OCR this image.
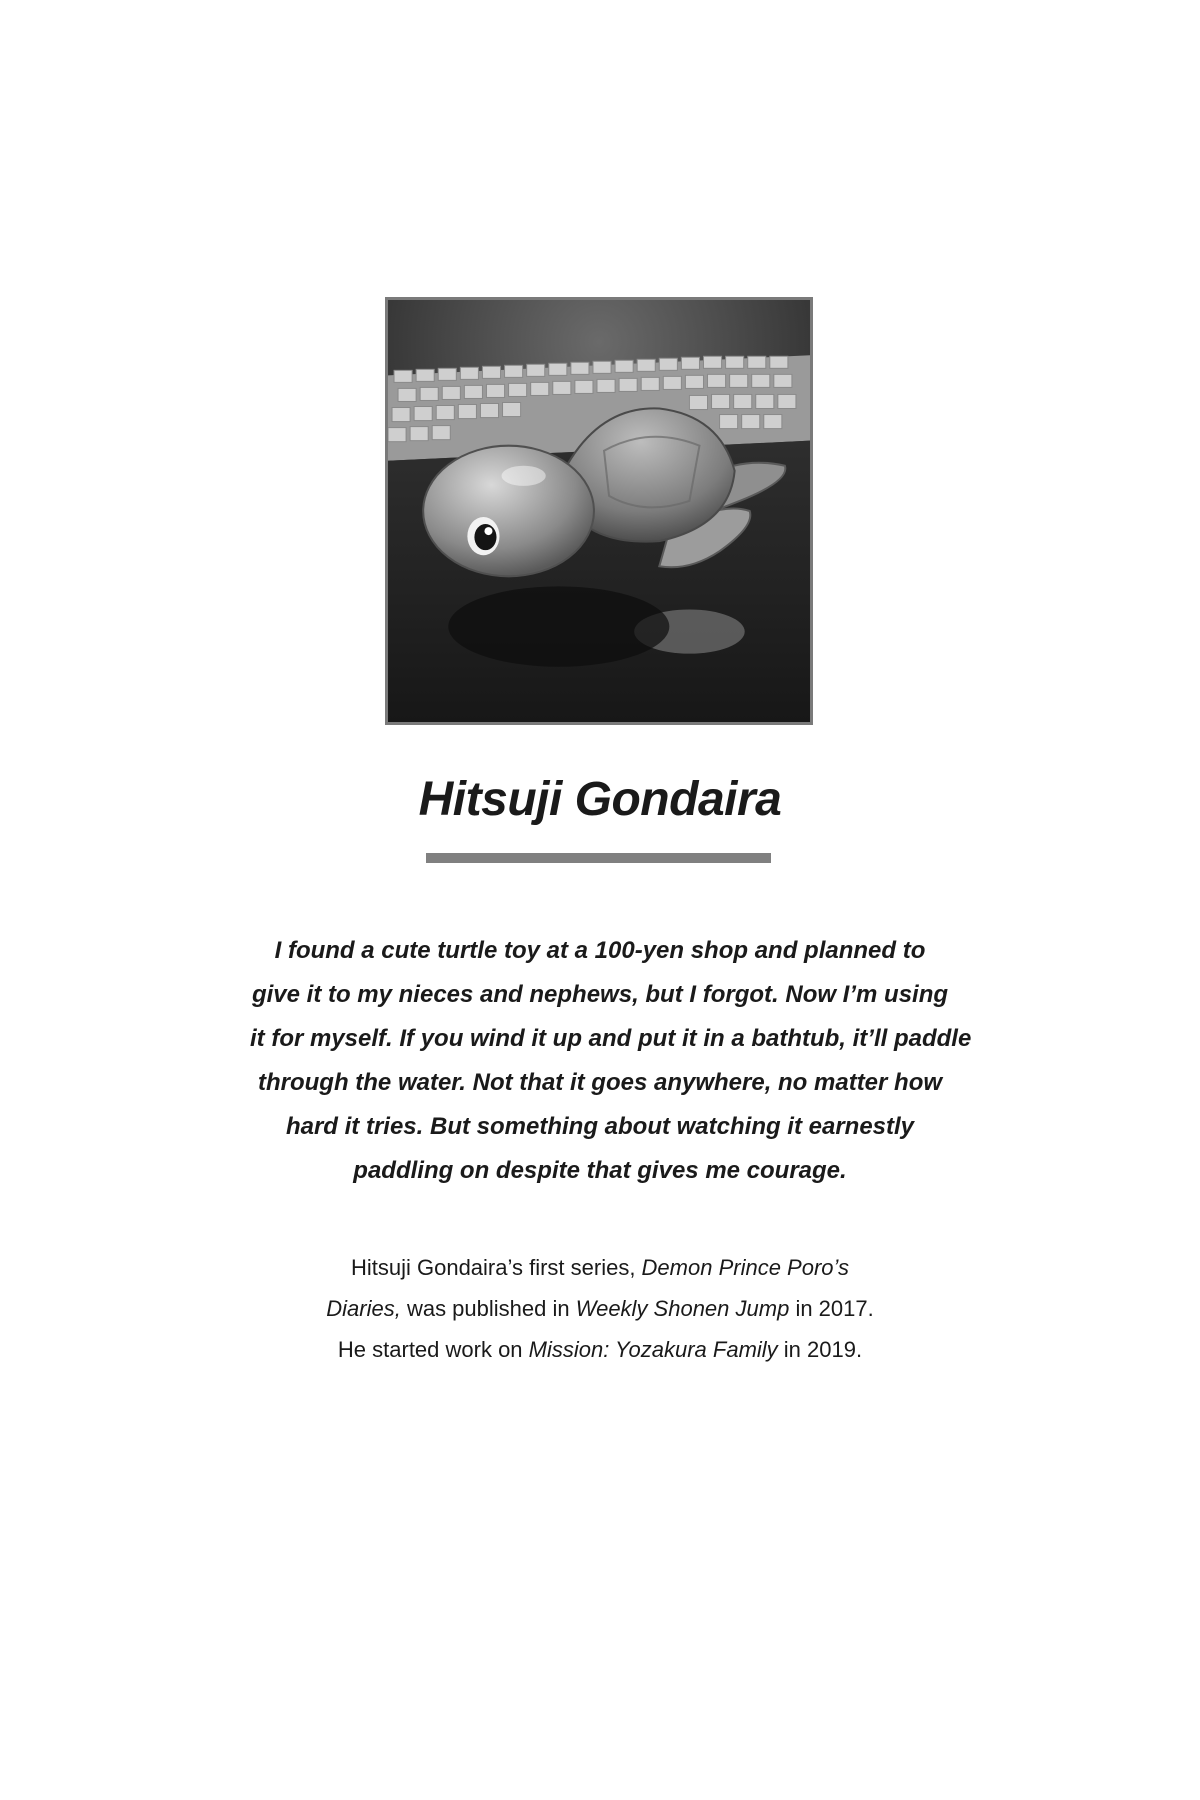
Hitsuji Gondaira

I found a cute turtle toy at a 100-yen shop and planned to
give it to my nieces and nephews, but I forgot. Now I’m using
it for myself. If you wind it up and put it in a bathtub, it’ll paddle
through the water. Not that it goes anywhere, no matter how
hard it tries. But something about watching it earnestly
paddling on despite that gives me courage.

Hitsuji Gondaira’s first series, Demon Prince Poro’s
Diaries, was published in Weekly Shonen Jump in 2017.
He started work on Mission: Yozakura Family in 2019.
